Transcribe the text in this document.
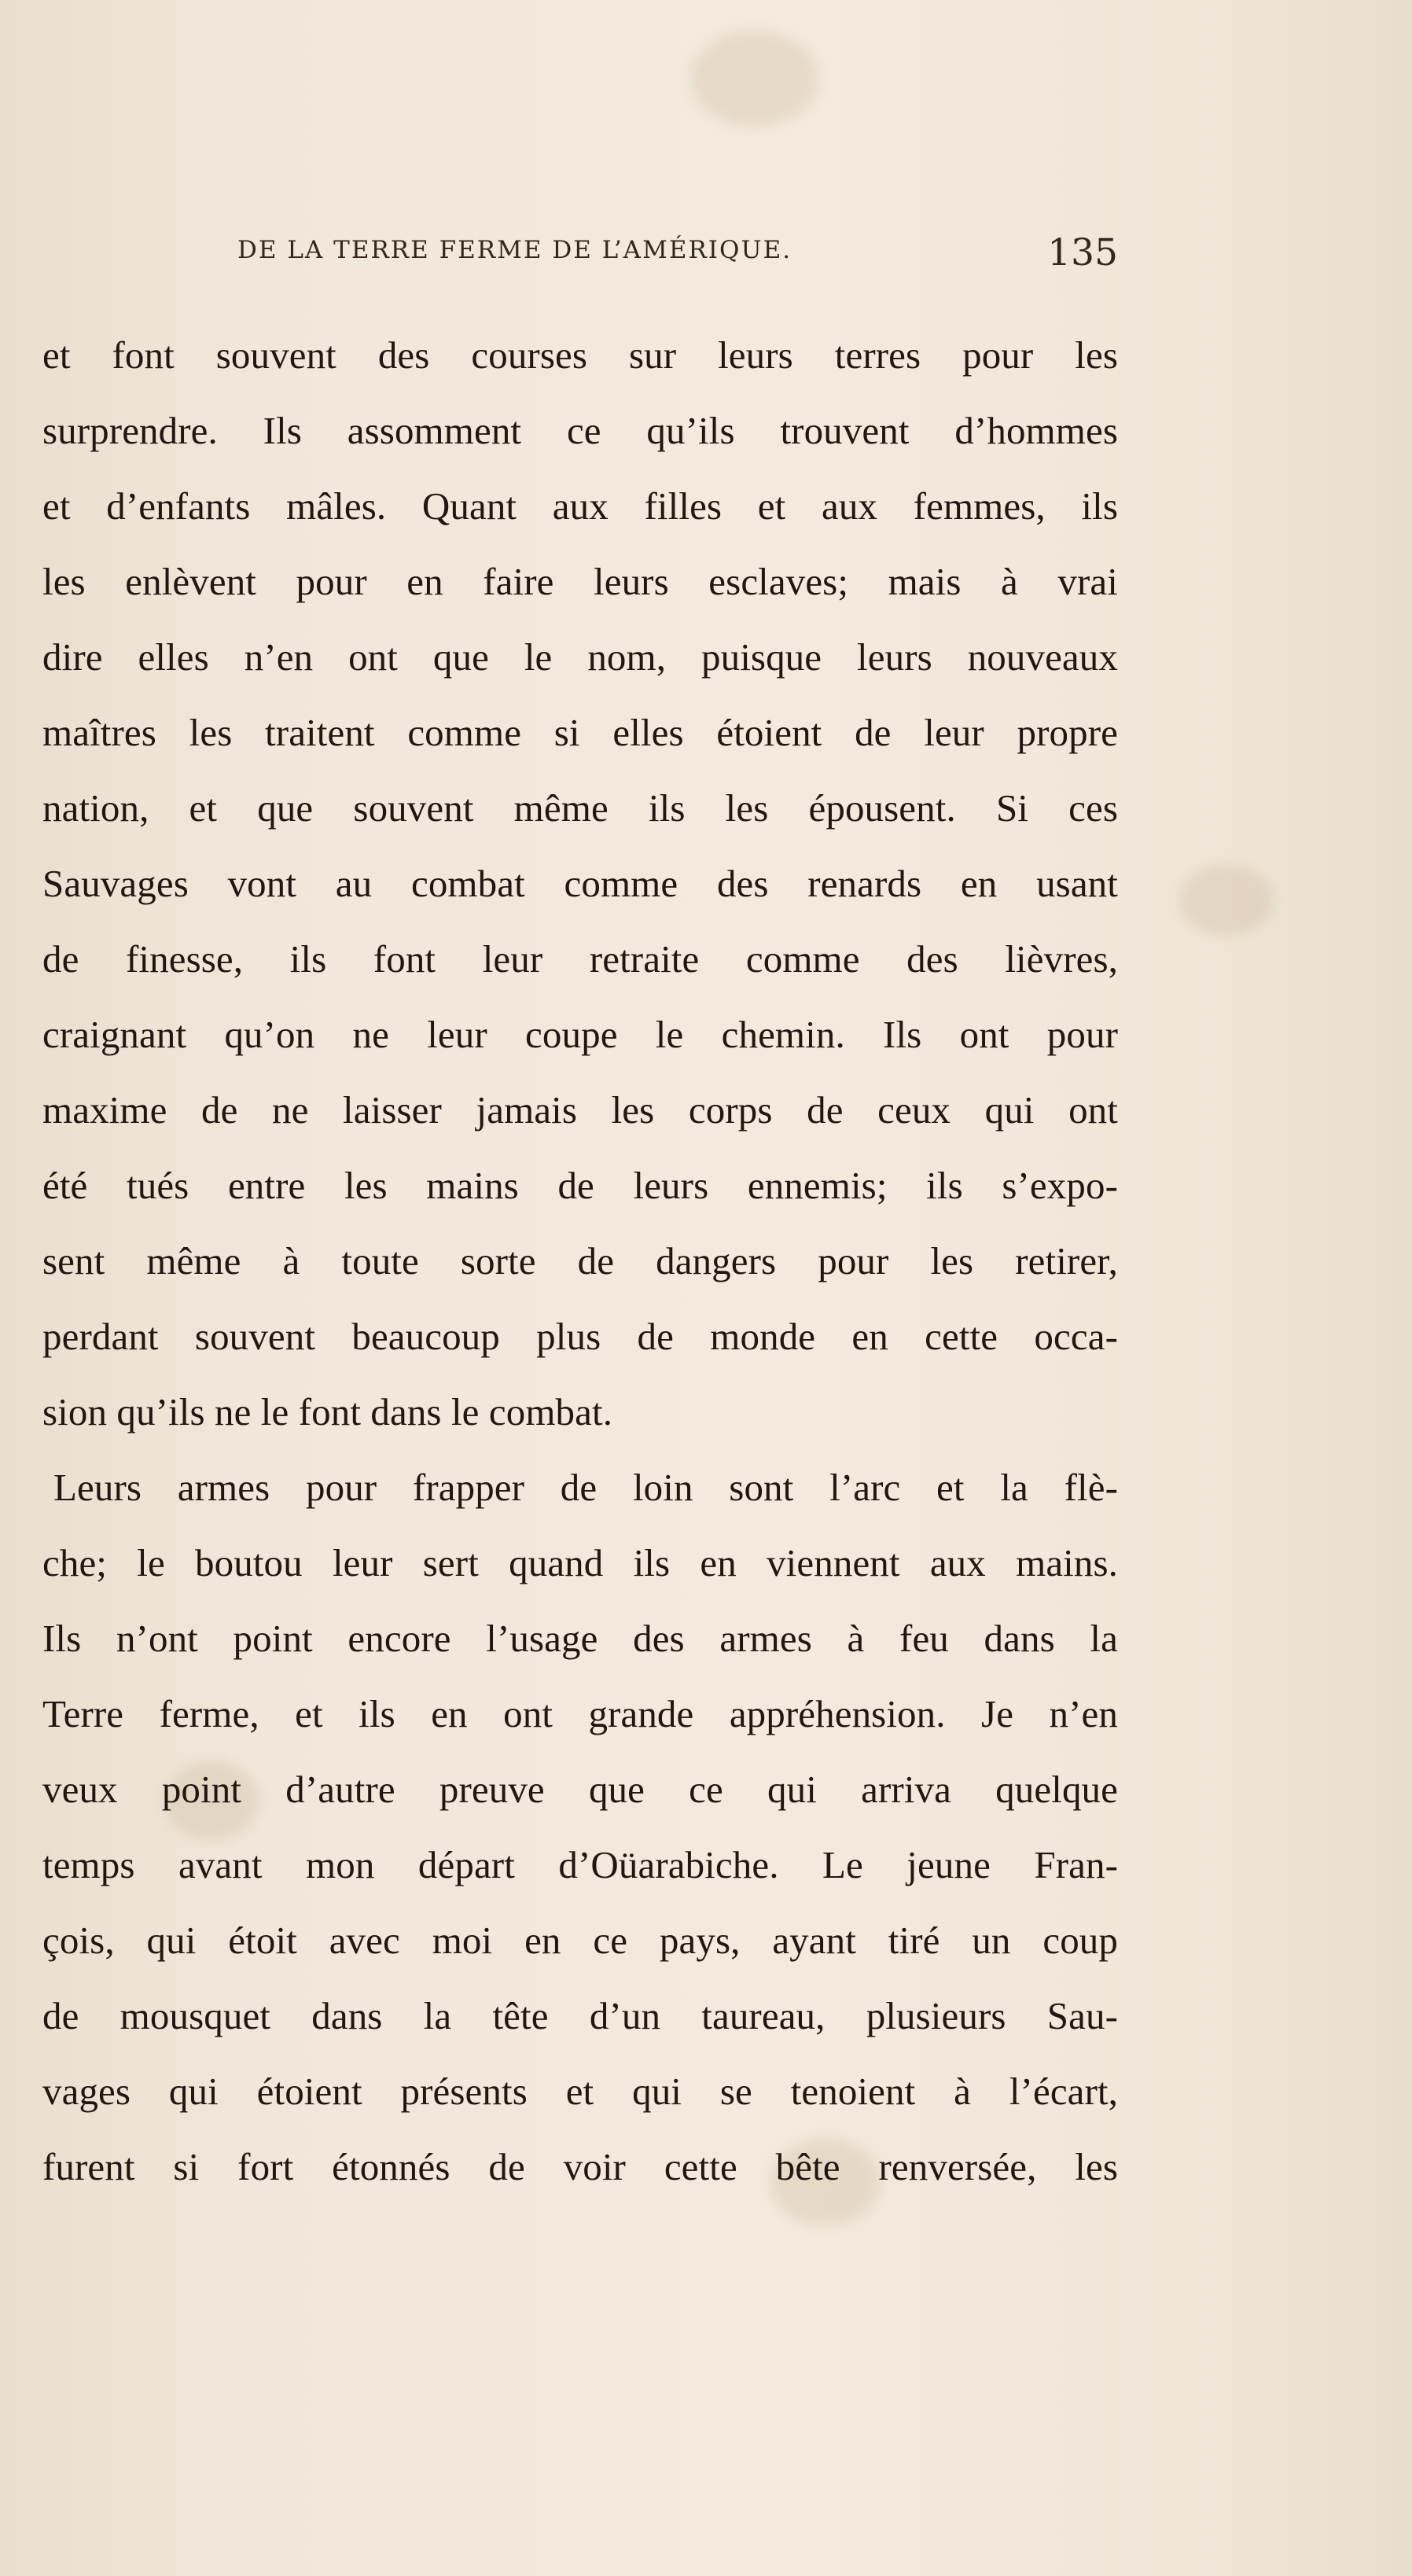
DE LA TERRE FERME DE L’AMÉRIQUE.	135
et font souvent des courses sur leurs terres pour les
surprendre. Ils assomment ce qu’ils trouvent d’hommes
et d’enfants mâles. Quant aux filles et aux femmes, ils
les enlèvent pour en faire leurs esclaves; mais à vrai
dire elles n’en ont que le nom, puisque leurs nouveaux
maîtres les traitent comme si elles étoient de leur propre
nation, et que souvent même ils les épousent. Si ces
Sauvages vont au combat comme des renards en usant
de finesse, ils font leur retraite comme des lièvres,
craignant qu’on ne leur coupe le chemin. Ils ont pour
maxime de ne laisser jamais les corps de ceux qui ont
été tués entre les mains de leurs ennemis; ils s’expo-
sent même à toute sorte de dangers pour les retirer,
perdant souvent beaucoup plus de monde en cette occa-
sion qu’ils ne le font dans le combat.
Leurs armes pour frapper de loin sont l’arc et la flè-
che; le boutou leur sert quand ils en viennent aux mains.
Ils n’ont point encore l’usage des armes à feu dans la
Terre ferme, et ils en ont grande appréhension. Je n’en
veux point d’autre preuve que ce qui arriva quelque
temps avant mon départ d’Oüarabiche. Le jeune Fran-
çois, qui étoit avec moi en ce pays, ayant tiré un coup
de mousquet dans la tête d’un taureau, plusieurs Sau-
vages qui étoient présents et qui se tenoient à l’écart,
furent si fort étonnés de voir cette bête renversée, les
